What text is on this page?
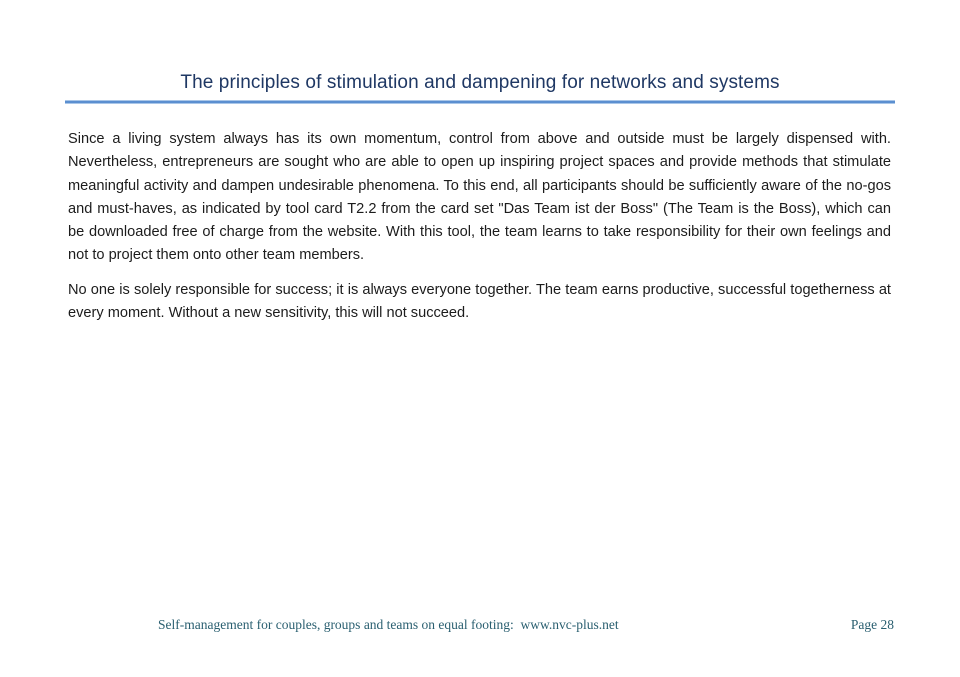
The principles of stimulation and dampening for networks and systems

Since a living system always has its own momentum, control from above and outside must be largely dispensed with. Nevertheless, entrepreneurs are sought who are able to open up inspiring project spaces and provide methods that stimulate meaningful activity and dampen undesirable phenomena. To this end, all participants should be sufficiently aware of the no-gos and must-haves, as indicated by tool card T2.2 from the card set "Das Team ist der Boss" (The Team is the Boss), which can be downloaded free of charge from the website. With this tool, the team learns to take responsibility for their own feelings and not to project them onto other team members.

No one is solely responsible for success; it is always everyone together. The team earns productive, successful togetherness at every moment. Without a new sensitivity, this will not succeed.

Self-management for couples, groups and teams on equal footing:  www.nvc-plus.net	Page 28
